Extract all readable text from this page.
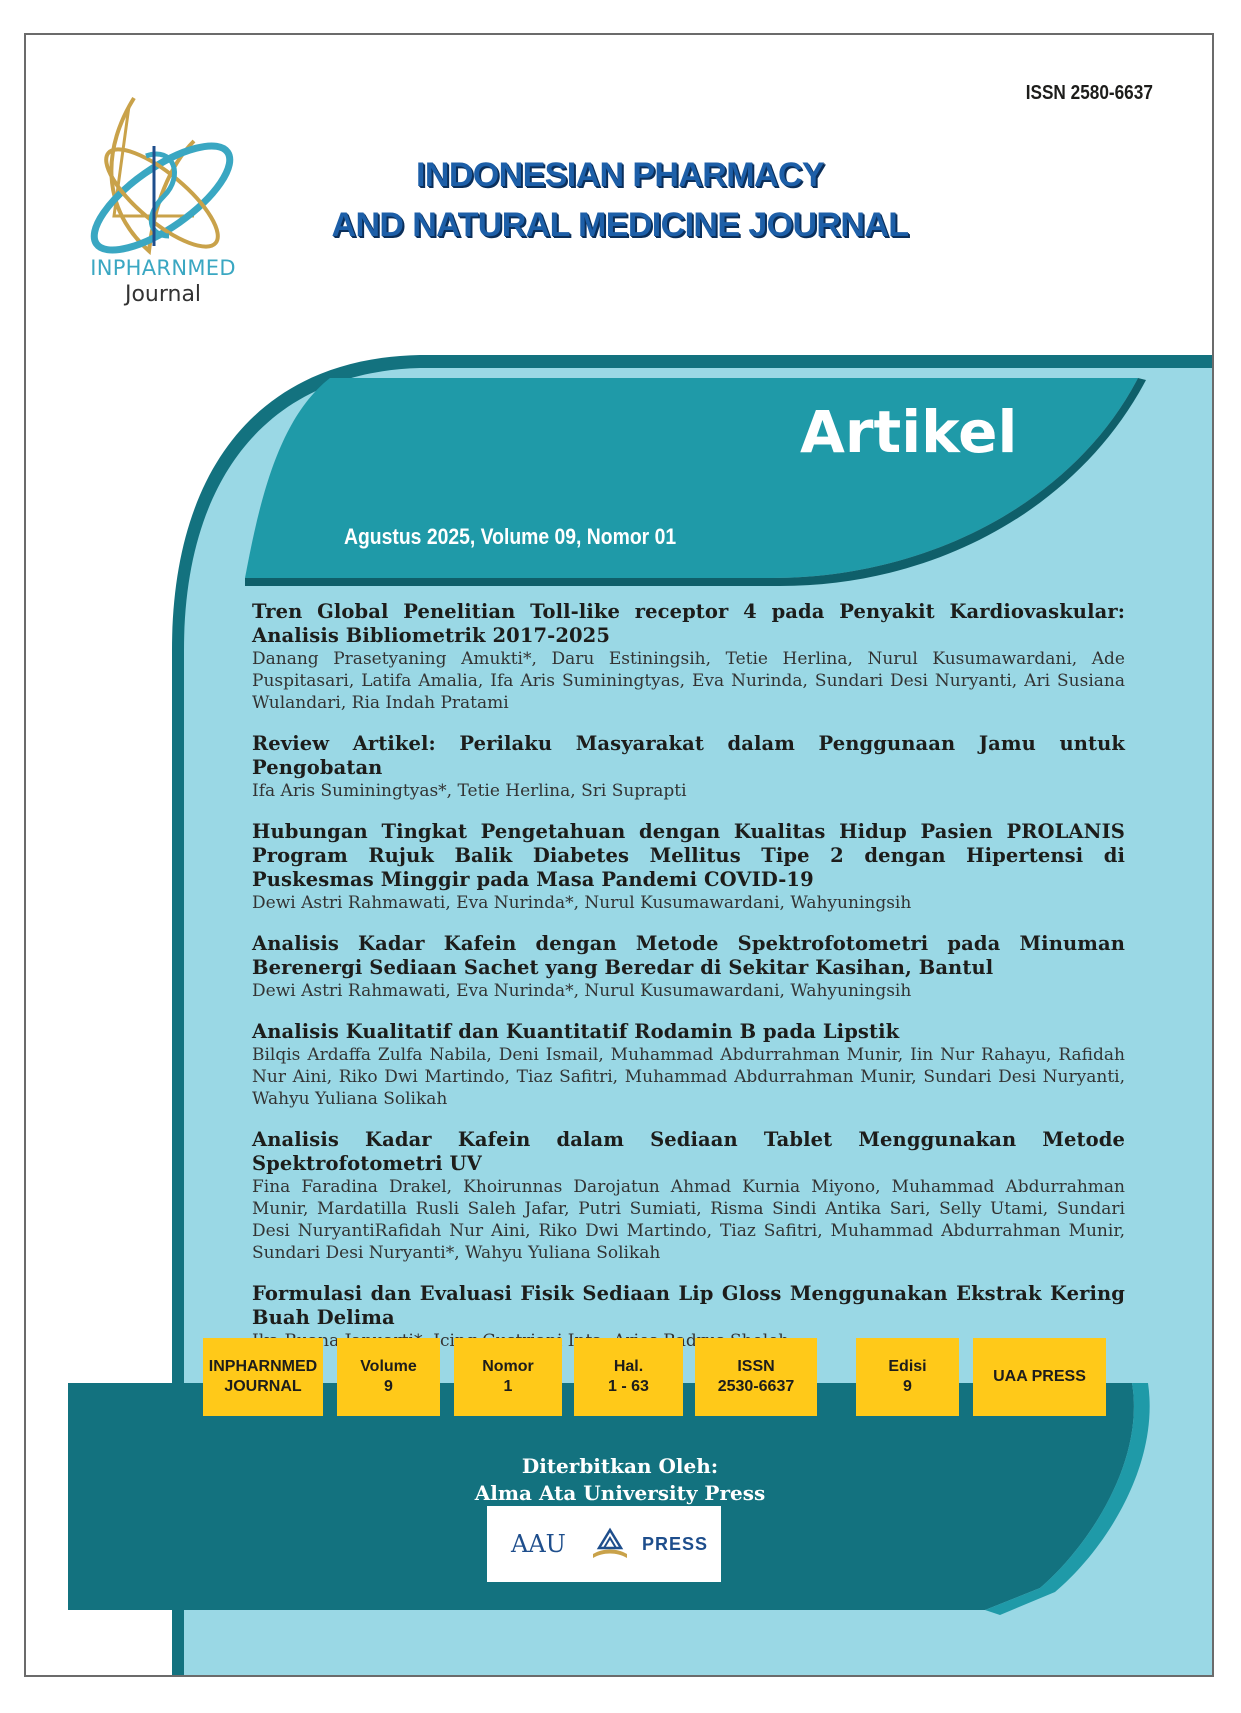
ISSN 2580-6637
INPHARNMED
Journal
INDONESIAN PHARMACY
AND NATURAL MEDICINE JOURNAL
Artikel
Agustus 2025, Volume 09, Nomor 01
Tren Global Penelitian Toll-like receptor 4 pada Penyakit Kardiovaskular: Analisis Bibliometrik 2017-2025
Danang Prasetyaning Amukti*, Daru Estiningsih, Tetie Herlina, Nurul Kusumawardani, Ade Puspitasari, Latifa Amalia, Ifa Aris Suminingtyas, Eva Nurinda, Sundari Desi Nuryanti, Ari Susiana Wulandari, Ria Indah Pratami
Review Artikel: Perilaku Masyarakat dalam Penggunaan Jamu untuk Pengobatan
Ifa Aris Suminingtyas*, Tetie Herlina, Sri Suprapti
Hubungan Tingkat Pengetahuan dengan Kualitas Hidup Pasien PROLANIS Program Rujuk Balik Diabetes Mellitus Tipe 2 dengan Hipertensi di Puskesmas Minggir pada Masa Pandemi COVID-19
Dewi Astri Rahmawati, Eva Nurinda*, Nurul Kusumawardani, Wahyuningsih
Analisis Kadar Kafein dengan Metode Spektrofotometri pada Minuman Berenergi Sediaan Sachet yang Beredar di Sekitar Kasihan, Bantul
Dewi Astri Rahmawati, Eva Nurinda*, Nurul Kusumawardani, Wahyuningsih
Analisis Kualitatif dan Kuantitatif Rodamin B pada Lipstik
Bilqis Ardaffa Zulfa Nabila, Deni Ismail, Muhammad Abdurrahman Munir, Iin Nur Rahayu, Rafidah Nur Aini, Riko Dwi Martindo, Tiaz Safitri, Muhammad Abdurrahman Munir, Sundari Desi Nuryanti, Wahyu Yuliana Solikah
Analisis Kadar Kafein dalam Sediaan Tablet Menggunakan Metode Spektrofotometri UV
Fina Faradina Drakel, Khoirunnas Darojatun Ahmad Kurnia Miyono, Muhammad Abdurrahman Munir, Mardatilla Rusli Saleh Jafar, Putri Sumiati, Risma Sindi Antika Sari, Selly Utami, Sundari Desi NuryantiRafidah Nur Aini, Riko Dwi Martindo, Tiaz Safitri, Muhammad Abdurrahman Munir, Sundari Desi Nuryanti*, Wahyu Yuliana Solikah
Formulasi dan Evaluasi Fisik Sediaan Lip Gloss Menggunakan Ekstrak Kering Buah Delima
Badrus
INPHARNMED
JOURNAL
Volume
9
Nomor
1
Hal.
1 - 63
ISSN
2530-6637
Edisi
9
UAA PRESS
Diterbitkan Oleh:
Alma Ata University Press
AAU	PRESS
